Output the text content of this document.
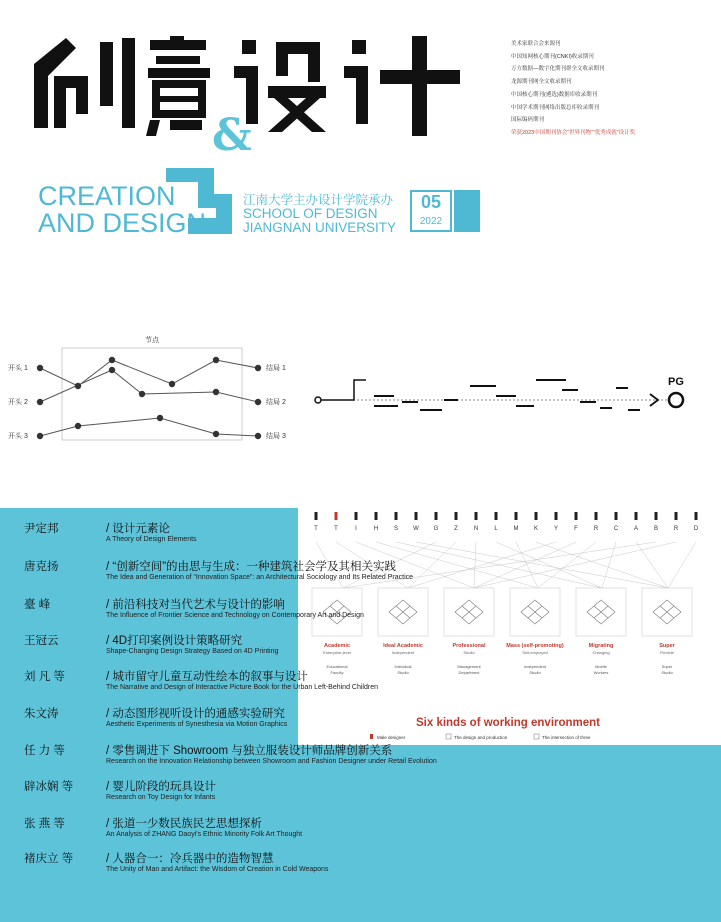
&
CREATION
AND DESIGN
江南大学主办设计学院承办
SCHOOL OF DESIGN
JIANGNAN UNIVERSITY
05
2022
美术家联合会来源刊
中国知网核心期刊(CNKI)收录期刊
万方数据—数字化期刊群全文收录期刊
龙源期刊网全文收录期刊
中国核心期刊(遴选)数据库收录期刊
中国学术期刊网络出版总库收录期刊
国际编码期刊
荣获2023中国期刊协会“世界刊物”“优秀成就”设计奖
节点
开头 1
开头 2
开头 3
结局 1
结局 2
结局 3
PG
T	T	I	H	S	W G	Z	N	L	M	K	Y	F	R	C	A	B	R	D
Academic
Enterprise-level
Educational
Faculty
Ideal Academic
Independent
Individual
Studio
Professional
Studio
Management
Department
Mass (self-promoting)
Self-employed
Independent
Studio
Migrating
Changing
Mobile
Workers
Super
Flexible
Super
Studio
Six kinds of working environment
Male designer	The design and production	The intersection of three
尹定邦	/ 设计元素论
A Theory of Design Elements
唐克扬	/ “创新空间”的由思与生成：一种建筑社会学及其相关实践
The Idea and Generation of “Innovation Space”: an Architectural Sociology and Its Related Practice
臺 峰	/ 前沿科技对当代艺术与设计的影响
The Influence of Frontier Science and Technology on Contemporary Art and Design
王冠云	/ 4D打印案例设计策略研究
Shape-Changing Design Strategy Based on 4D Printing
刘 凡 等	/ 城市留守儿童互动性绘本的叙事与设计
The Narrative and Design of Interactive Picture Book for the Urban Left-Behind Children
朱文涛	/ 动态图形视听设计的通感实验研究
Aesthetic Experiments of Synesthesia via Motion Graphics
任 力 等	/ 零售调进下 Showroom 与独立服装设计师品牌创新关系
Research on the Innovation Relationship between Showroom and Fashion Designer under Retail Evolution
辟冰娴 等	/ 婴儿阶段的玩具设计
Research on Toy Design for Infants
张 燕 等	/ 张道一少数民族民艺思想探析
An Analysis of ZHANG Daoyi's Ethnic Minority Folk Art Thought
褚庆立 等	/ 人器合一：冷兵器中的造物智慧
The Unity of Man and Artifact: the Wisdom of Creation in Cold Weapons
